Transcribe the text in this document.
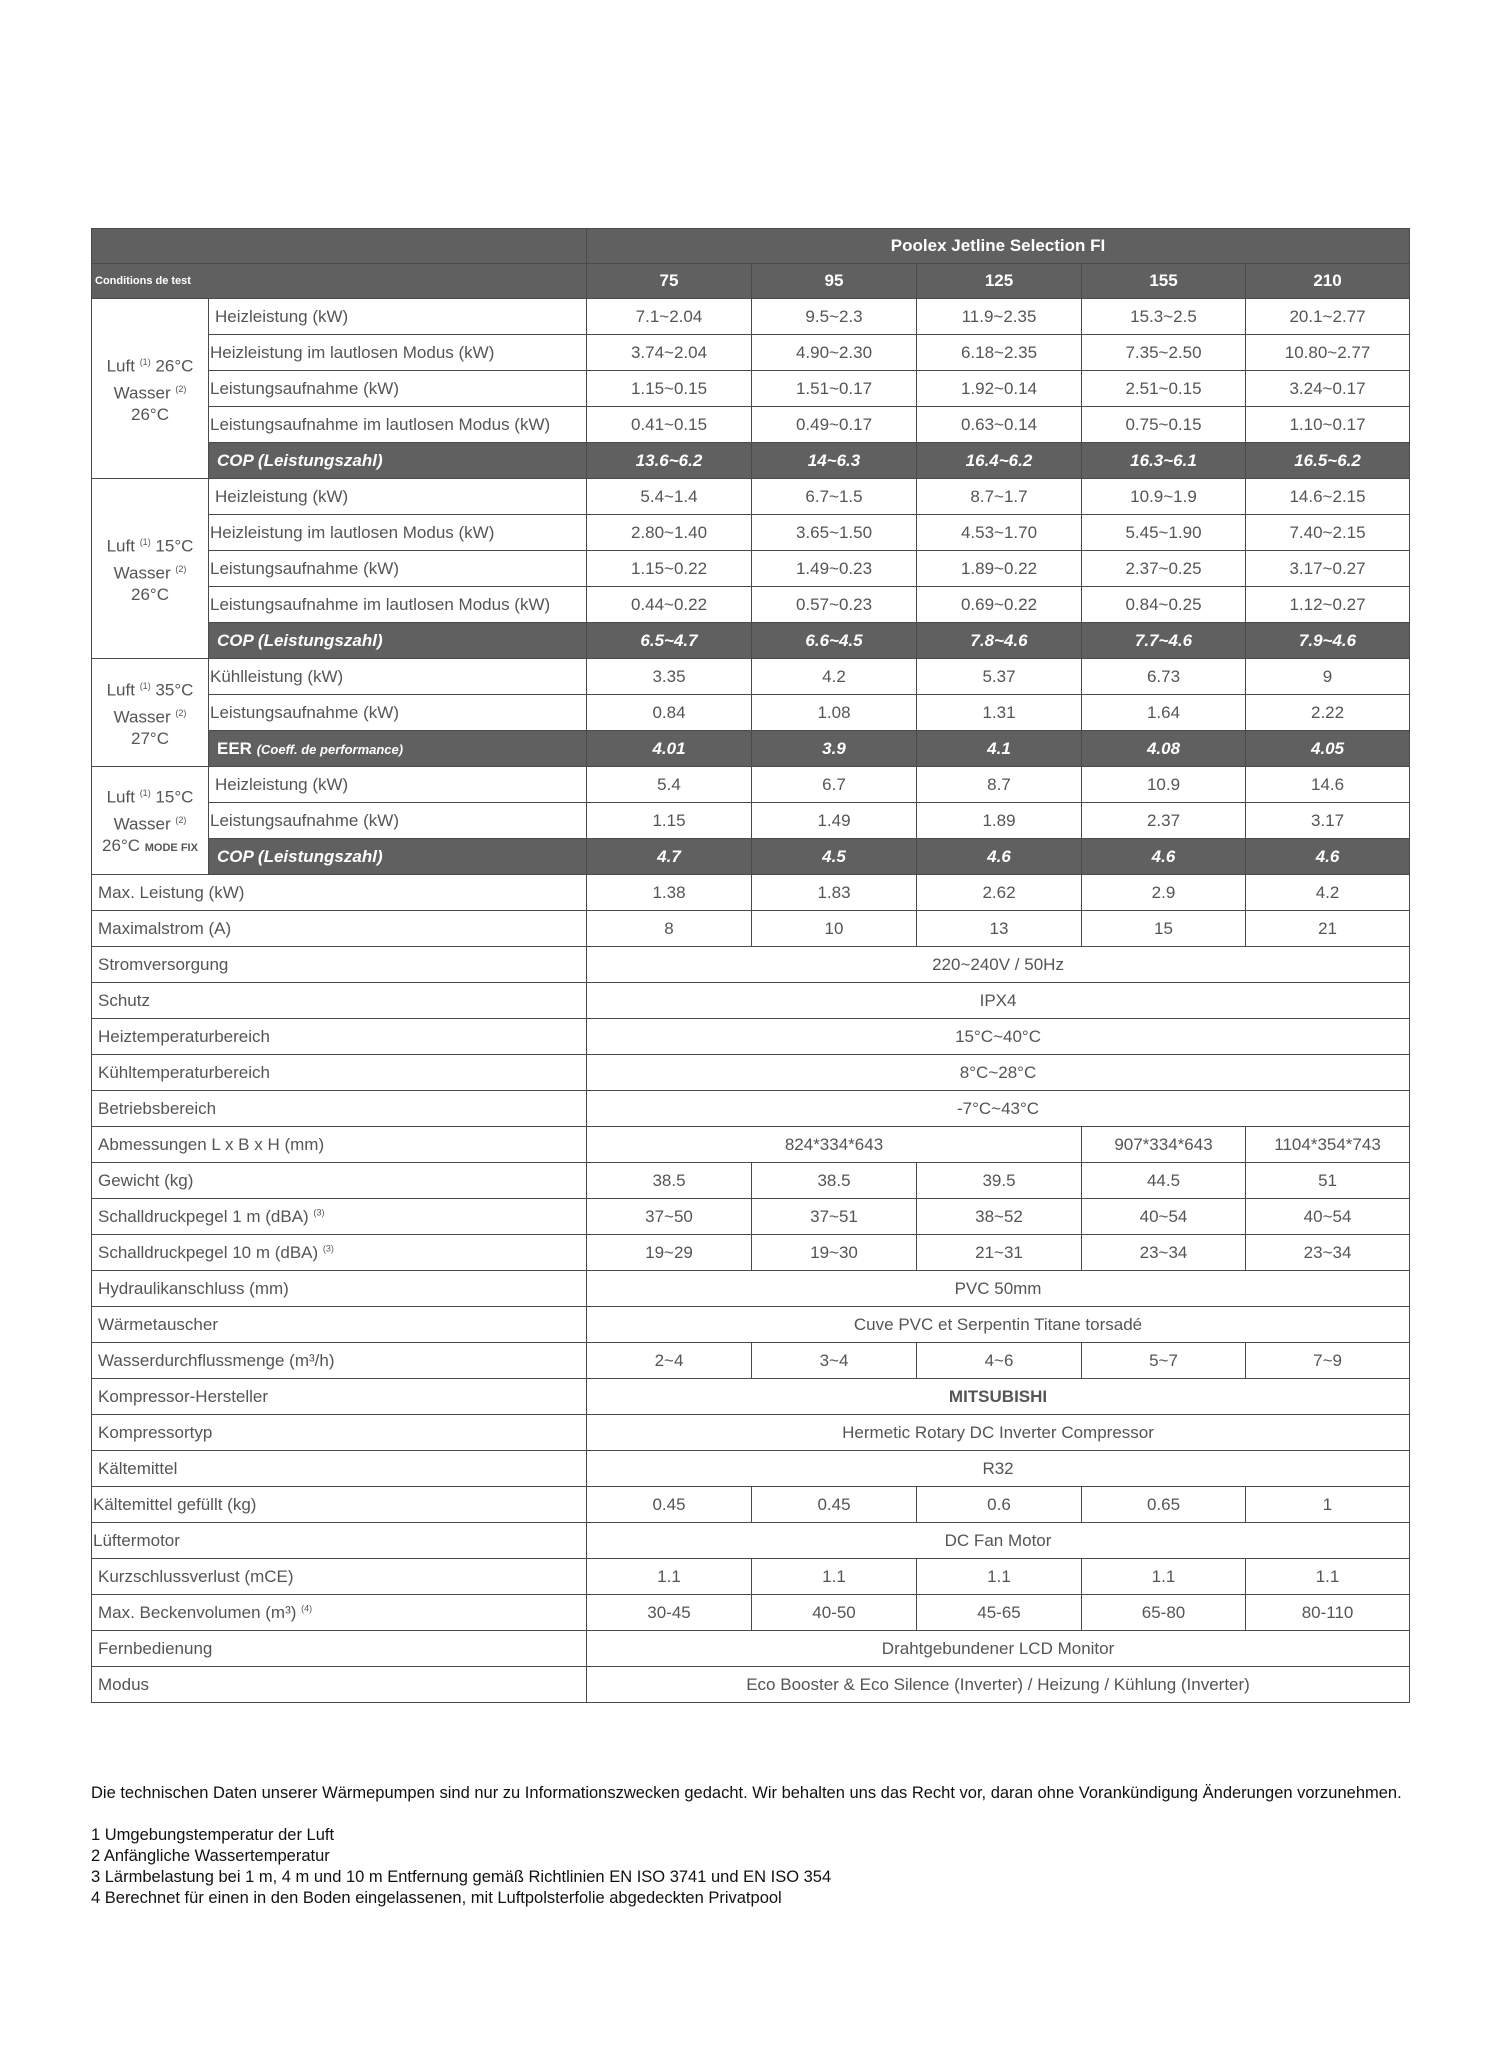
		Poolex Jetline Selection FI				
Conditions de test		75	95	125	155	210

Luft $^{(1)}$ 26°C
Wasser $^{(2)}$
26°C	Heizleistung (kW)	7.1~2.04	9.5~2.3	11.9~2.35	15.3~2.5	20.1~2.77
	Heizleistung im lautlosen Modus (kW)	3.74~2.04	4.90~2.30	6.18~2.35	7.35~2.50	10.80~2.77
	Leistungsaufnahme (kW)	1.15~0.15	1.51~0.17	1.92~0.14	2.51~0.15	3.24~0.17
	Leistungsaufnahme im lautlosen Modus (kW)	0.41~0.15	0.49~0.17	0.63~0.14	0.75~0.15	1.10~0.17
	COP (Leistungszahl)	13.6~6.2	14~6.3	16.4~6.2	16.3~6.1	16.5~6.2

Luft $^{(1)}$ 15°C
Wasser $^{(2)}$
26°C	Heizleistung (kW)	5.4~1.4	6.7~1.5	8.7~1.7	10.9~1.9	14.6~2.15
	Heizleistung im lautlosen Modus (kW)	2.80~1.40	3.65~1.50	4.53~1.70	5.45~1.90	7.40~2.15
	Leistungsaufnahme (kW)	1.15~0.22	1.49~0.23	1.89~0.22	2.37~0.25	3.17~0.27
	Leistungsaufnahme im lautlosen Modus (kW)	0.44~0.22	0.57~0.23	0.69~0.22	0.84~0.25	1.12~0.27
	COP (Leistungszahl)	6.5~4.7	6.6~4.5	7.8~4.6	7.7~4.6	7.9~4.6

Luft $^{(1)}$ 35°C
Wasser $^{(2)}$
27°C	Kühlleistung (kW)	3.35	4.2	5.37	6.73	9
	Leistungsaufnahme (kW)	0.84	1.08	1.31	1.64	2.22
	EER (Coeff. de performance)	4.01	3.9	4.1	4.08	4.05

Luft $^{(1)}$ 15°C
Wasser $^{(2)}$
26°C MODE FIX	Heizleistung (kW)	5.4	6.7	8.7	10.9	14.6
	Leistungsaufnahme (kW)	1.15	1.49	1.89	2.37	3.17
	COP (Leistungszahl)	4.7	4.5	4.6	4.6	4.6
Max. Leistung (kW)		1.38	1.83	2.62	2.9	4.2
Maximalstrom (A)		8	10	13	15	21
Stromversorgung		220~240V / 50Hz				
Schutz		IPX4				
Heiztemperaturbereich		15°C~40°C				
Kühltemperaturbereich		8°C~28°C				
Betriebsbereich		-7°C~43°C				
Abmessungen L x B x H (mm)		824*334*643			907*334*643	1104*354*743
Gewicht (kg)		38.5	38.5	39.5	44.5	51
Schalldruckpegel 1 m (dBA) $^{(3)}$		37~50	37~51	38~52	40~54	40~54
Schalldruckpegel 10 m (dBA) $^{(3)}$		19~29	19~30	21~31	23~34	23~34
Hydraulikanschluss (mm)		PVC 50mm				
Wärmetauscher		Cuve PVC et Serpentin Titane torsadé				
Wasserdurchflussmenge (m³/h)		2~4	3~4	4~6	5~7	7~9
Kompressor-Hersteller		MITSUBISHI				
Kompressortyp		Hermetic Rotary DC Inverter Compressor				
Kältemittel		R32				
Kältemittel gefüllt (kg)		0.45	0.45	0.6	0.65	1
Lüftermotor		DC Fan Motor				
Kurzschlussverlust (mCE)		1.1	1.1	1.1	1.1	1.1
Max. Beckenvolumen (m³) $^{(4)}$		30-45	40-50	45-65	65-80	80-110
Fernbedienung		Drahtgebundener LCD Monitor				
Modus		Eco Booster & Eco Silence (Inverter) / Heizung / Kühlung (Inverter)				

Die technischen Daten unserer Wärmepumpen sind nur zu Informationszwecken gedacht. Wir behalten uns das Recht vor, daran ohne Vorankündigung Änderungen vorzunehmen.

1 Umgebungstemperatur der Luft

2 Anfängliche Wassertemperatur

3 Lärmbelastung bei 1 m, 4 m und 10 m Entfernung gemäß Richtlinien EN ISO 3741 und EN ISO 354

4 Berechnet für einen in den Boden eingelassenen, mit Luftpolsterfolie abgedeckten Privatpool
